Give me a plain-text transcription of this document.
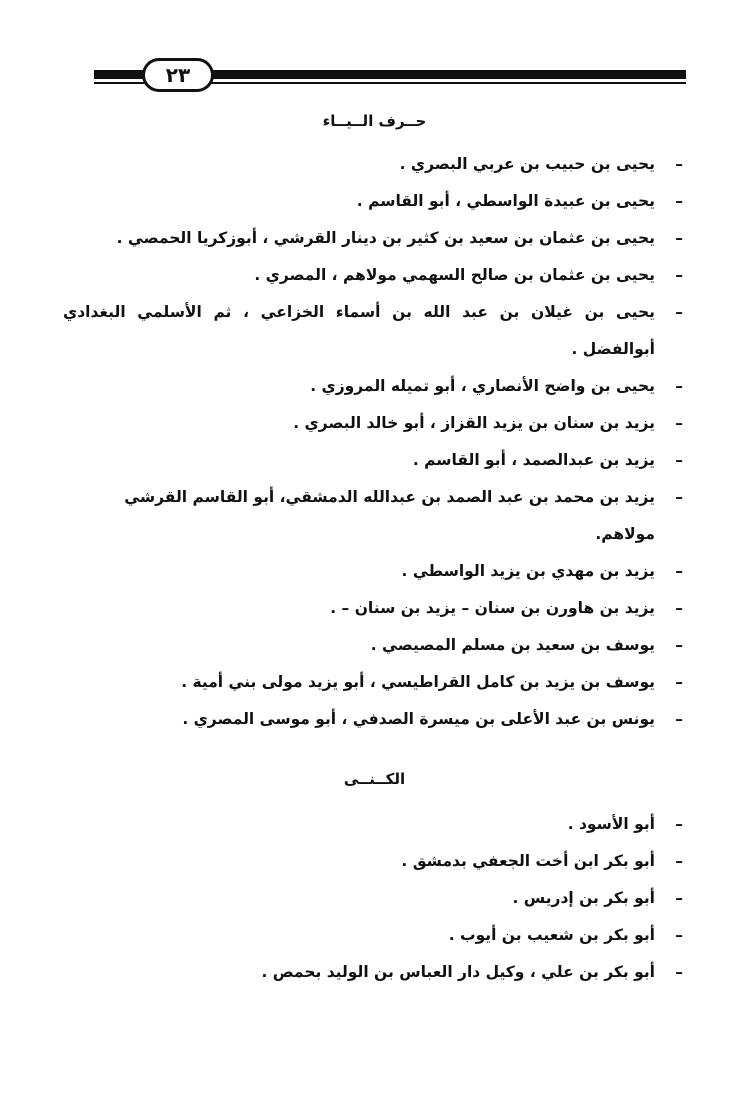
٢٣
حــرف الــيــاء
–
يحيى بن حبيب بن عربي البصري .
–
يحيى بن عبيدة الواسطي ، أبو القاسم .
–
يحيى بن عثمان بن سعيد بن كثير بن دينار القرشي ، أبوزكريا الحمصي .
–
يحيى بن عثمان بن صالح السهمي مولاهم ، المصري .
–
يحيى بن غيلان بن عبد الله بن أسماء الخزاعي ، ثم الأسلمي البغدادي أبوالفضل .
–
يحيى بن واضح الأنصاري ، أبو تميله المروزي .
–
يزيد بن سنان بن يزيد القزاز ، أبو خالد البصري .
–
يزيد بن عبدالصمد ، أبو القاسم .
–
يزيد بن محمد بن عبد الصمد بن عبدالله الدمشقي، أبو القاسم القرشي مولاهم.
–
يزيد بن مهدي بن يزيد الواسطي .
–
يزيد بن هاورن بن سنان – يزيد بن سنان – .
–
يوسف بن سعيد بن مسلم المصيصي .
–
يوسف بن يزيد بن كامل القراطيسي ، أبو يزيد مولى بني أمية .
–
يونس بن عبد الأعلى بن ميسرة الصدفي ، أبو موسى المصري .
الكــنــى
–
أبو الأسود .
–
أبو بكر ابن أخت الجعفي بدمشق .
–
أبو بكر بن إدريس .
–
أبو بكر بن شعيب بن أيوب .
–
أبو بكر بن علي ، وكيل دار العباس بن الوليد بحمص .
